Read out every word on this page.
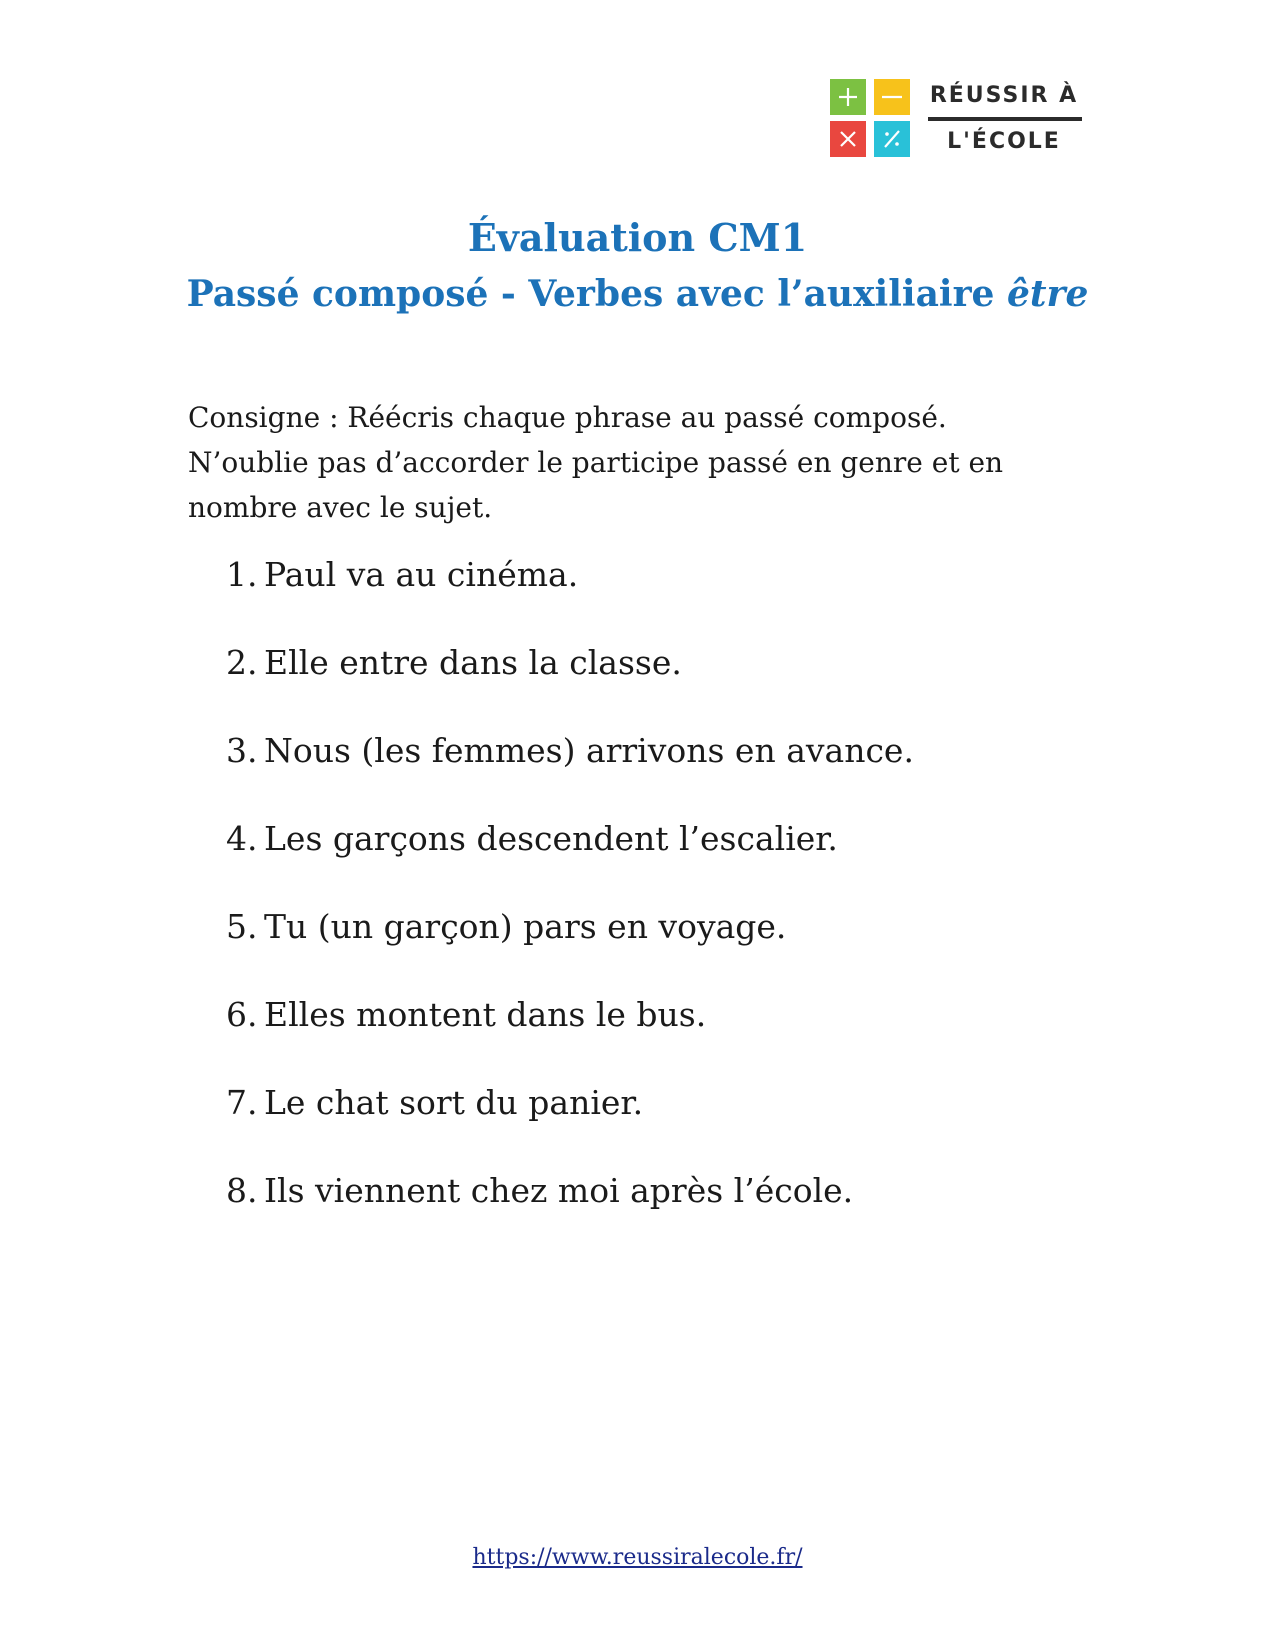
RÉUSSIR À
L'ÉCOLE
Évaluation CM1
Passé composé - Verbes avec l’auxiliaire être
Consigne : Réécris chaque phrase au passé composé. N’oublie pas d’accorder le participe passé en genre et en nombre avec le sujet.
1. Paul va au cinéma.
2. Elle entre dans la classe.
3. Nous (les femmes) arrivons en avance.
4. Les garçons descendent l’escalier.
5. Tu (un garçon) pars en voyage.
6. Elles montent dans le bus.
7. Le chat sort du panier.
8. Ils viennent chez moi après l’école.
https://www.reussiralecole.fr/
